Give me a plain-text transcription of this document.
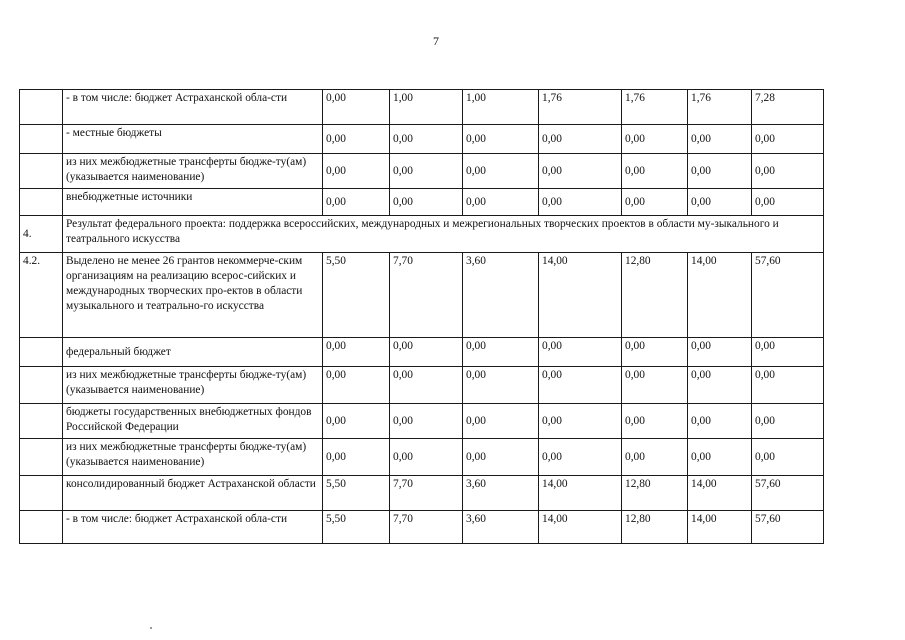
7
	- в том числе: бюджет Астраханской обла-сти	0,00	1,00	1,00	1,76	1,76	1,76	7,28
	- местные бюджеты	0,00	0,00	0,00	0,00	0,00	0,00	0,00
	из них межбюджетные трансферты бюдже-ту(ам) (указывается наименование)	0,00	0,00	0,00	0,00	0,00	0,00	0,00
	внебюджетные источники	0,00	0,00	0,00	0,00	0,00	0,00	0,00
4.	Результат федерального проекта: поддержка всероссийских, международных и межрегиональных творческих проектов в области му-зыкального и театрального искусства							
4.2.	Выделено не менее 26 грантов некоммерче-ским организациям на реализацию всерос-сийских и международных творческих про-ектов в области музыкального и театрально-го искусства	5,50	7,70	3,60	14,00	12,80	14,00	57,60
	федеральный бюджет	0,00	0,00	0,00	0,00	0,00	0,00	0,00
	из них межбюджетные трансферты бюдже-ту(ам) (указывается наименование)	0,00	0,00	0,00	0,00	0,00	0,00	0,00
	бюджеты государственных внебюджетных фондов Российской Федерации	0,00	0,00	0,00	0,00	0,00	0,00	0,00
	из них межбюджетные трансферты бюдже-ту(ам) (указывается наименование)	0,00	0,00	0,00	0,00	0,00	0,00	0,00
	консолидированный бюджет Астраханской области	5,50	7,70	3,60	14,00	12,80	14,00	57,60
	- в том числе: бюджет Астраханской обла-сти	5,50	7,70	3,60	14,00	12,80	14,00	57,60
